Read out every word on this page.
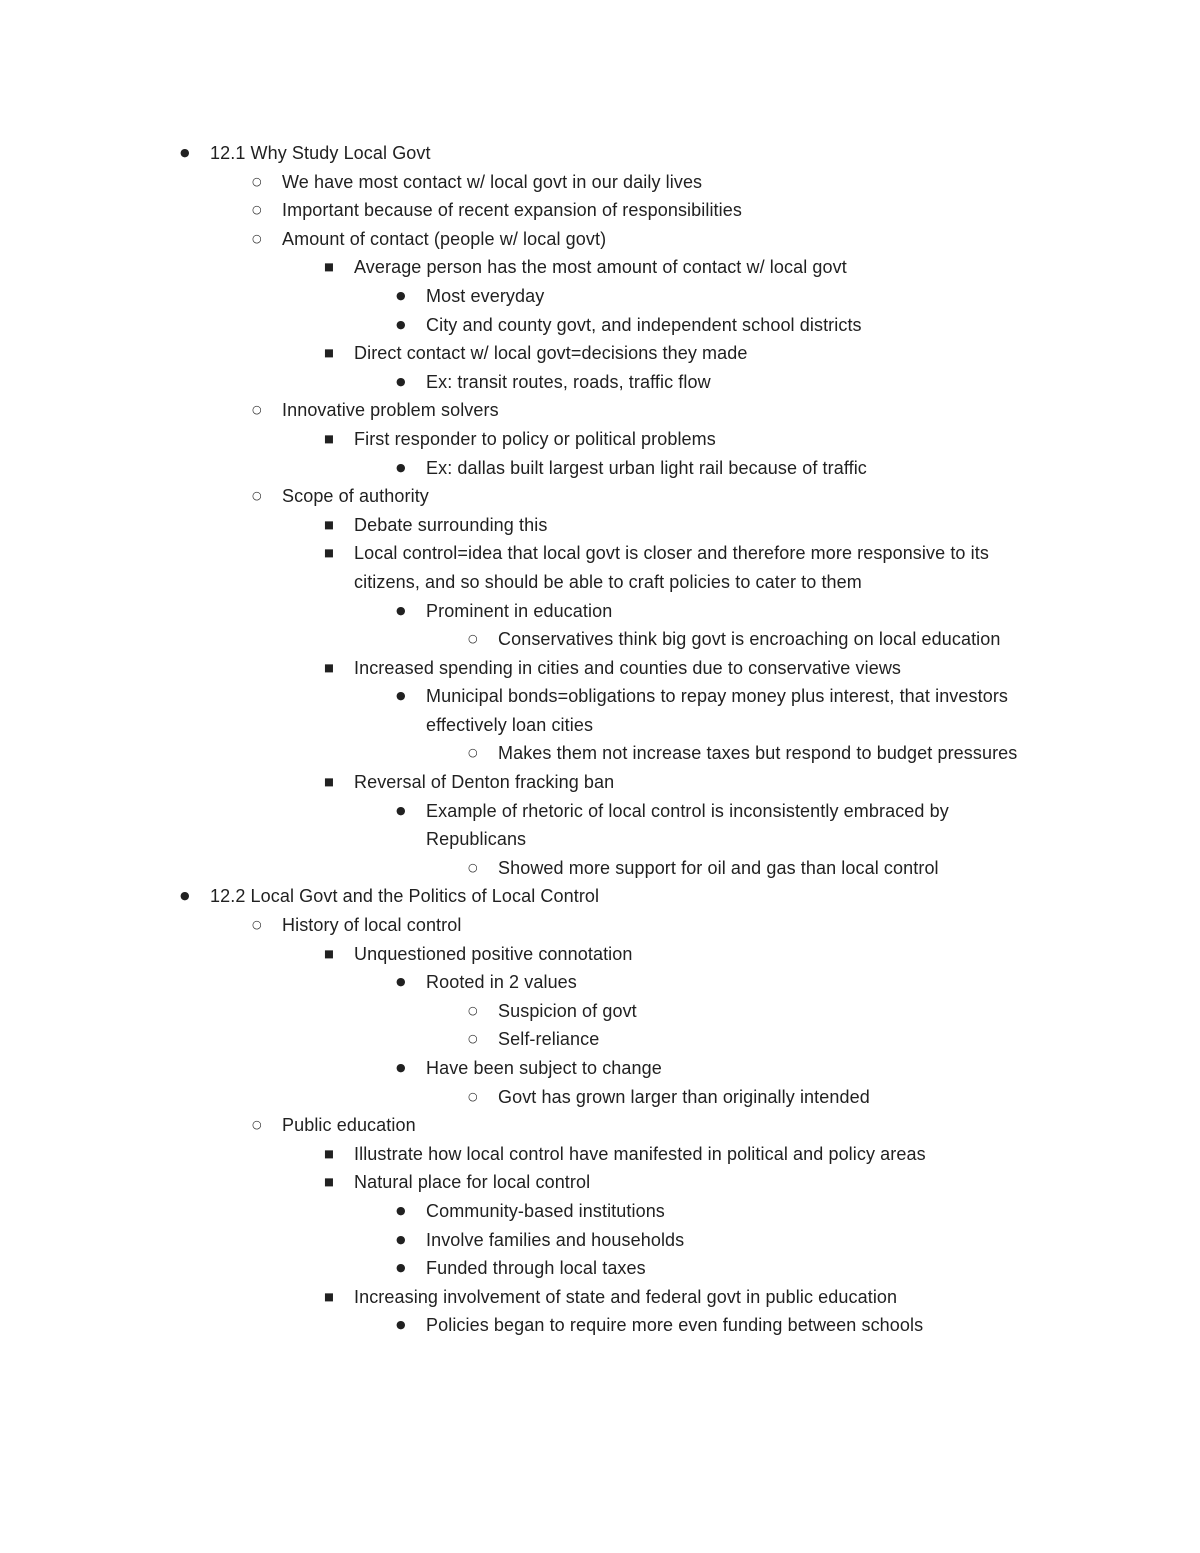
●	12.1 Why Study Local Govt
○	We have most contact w/ local govt in our daily lives
○	Important because of recent expansion of responsibilities
○	Amount of contact (people w/ local govt)
■	Average person has the most amount of contact w/ local govt
●	Most everyday
●	City and county govt, and independent school districts
■	Direct contact w/ local govt=decisions they made
●	Ex: transit routes, roads, traffic flow
○	Innovative problem solvers
■	First responder to policy or political problems
●	Ex: dallas built largest urban light rail because of traffic
○	Scope of authority
■	Debate surrounding this
■	Local control=idea that local govt is closer and therefore more responsive to its citizens, and so should be able to craft policies to cater to them
●	Prominent in education
○	Conservatives think big govt is encroaching on local education
■	Increased spending in cities and counties due to conservative views
●	Municipal bonds=obligations to repay money plus interest, that investors effectively loan cities
○	Makes them not increase taxes but respond to budget pressures
■	Reversal of Denton fracking ban
●	Example of rhetoric of local control is inconsistently embraced by Republicans
○	Showed more support for oil and gas than local control
●	12.2 Local Govt and the Politics of Local Control
○	History of local control
■	Unquestioned positive connotation
●	Rooted in 2 values
○	Suspicion of govt
○	Self-reliance
●	Have been subject to change
○	Govt has grown larger than originally intended
○	Public education
■	Illustrate how local control have manifested in political and policy areas
■	Natural place for local control
●	Community-based institutions
●	Involve families and households
●	Funded through local taxes
■	Increasing involvement of state and federal govt in public education
●	Policies began to require more even funding between schools
